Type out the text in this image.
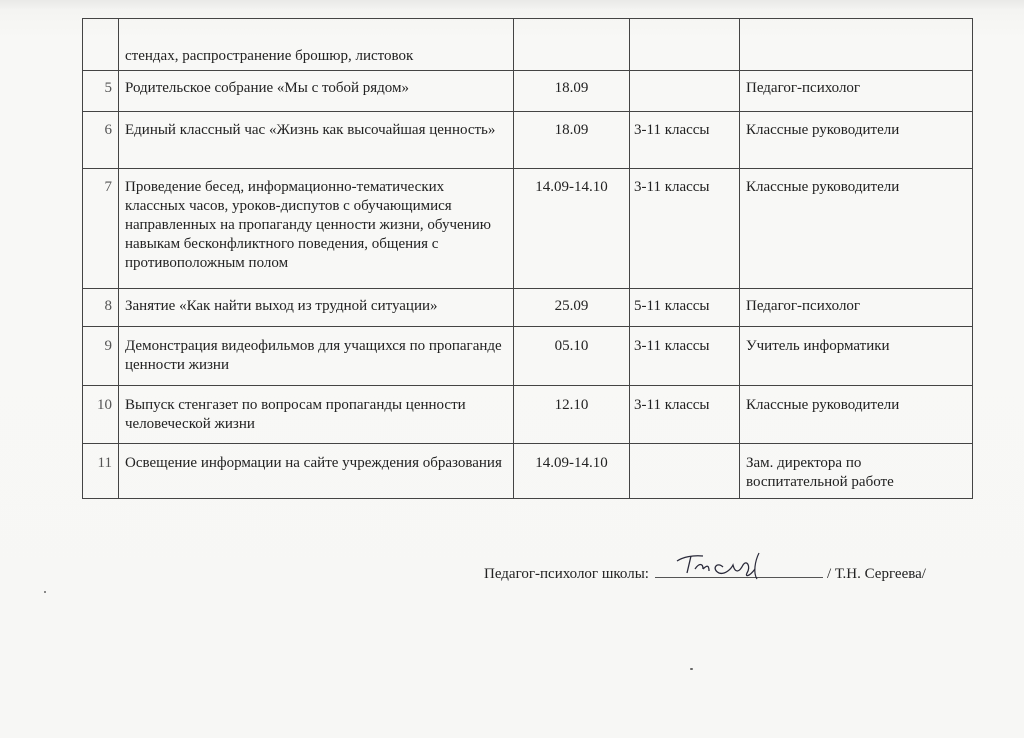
	стендах, распространение брошюр, листовок			
5	Родительское собрание «Мы с тобой рядом»	18.09		Педагог-психолог
6	Единый классный час «Жизнь как высочайшая ценность»	18.09	3-11 классы	Классные руководители
7	Проведение бесед, информационно-тематических классных часов, уроков-диспутов с обучающимися направленных на пропаганду ценности жизни, обучению навыкам бесконфликтного поведения, общения с противоположным полом	14.09-14.10	3-11 классы	Классные руководители
8	Занятие «Как найти выход из трудной ситуации»	25.09	5-11 классы	Педагог-психолог
9	Демонстрация видеофильмов для учащихся по пропаганде ценности жизни	05.10	3-11 классы	Учитель информатики
10	Выпуск стенгазет по вопросам пропаганды ценности человеческой жизни	12.10	3-11 классы	Классные руководители
11	Освещение информации на сайте учреждения образования	14.09-14.10		Зам. директора по воспитательной работе
Педагог-психолог школы:	/ Т.Н. Сергеева/
